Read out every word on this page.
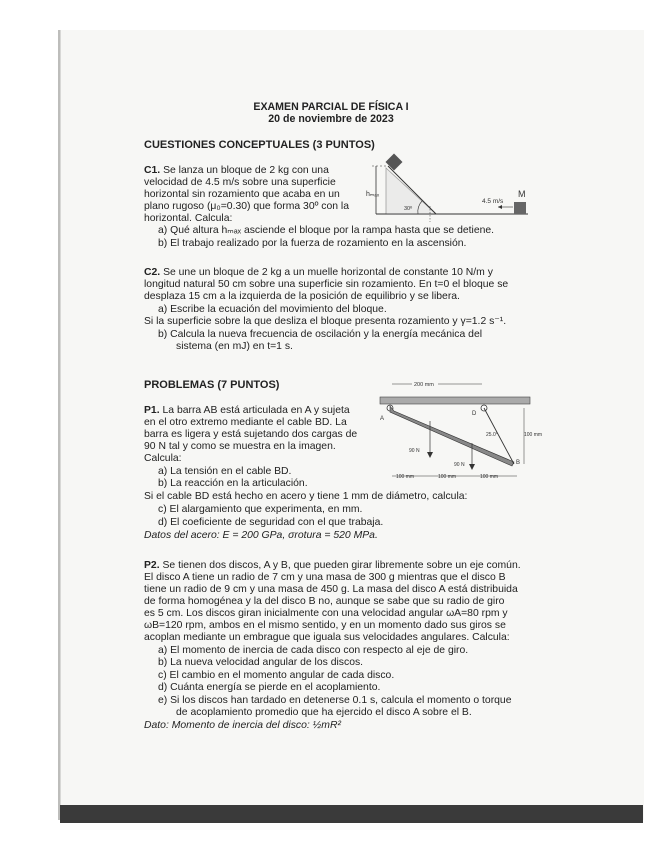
EXAMEN PARCIAL DE FÍSICA I
20 de noviembre de 2023
CUESTIONES CONCEPTUALES (3 PUNTOS)
C1. Se lanza un bloque de 2 kg con una
velocidad de 4.5 m/s sobre una superficie
horizontal sin rozamiento que acaba en un
plano rugoso (μ₀=0.30) que forma 30º con la
horizontal. Calcula:
a) Qué altura hₘₐₓ asciende el bloque por la rampa hasta que se detiene.
b) El trabajo realizado por la fuerza de rozamiento en la ascensión.
hₘₐₓ
30º
M
4.5 m/s
C2. Se une un bloque de 2 kg a un muelle horizontal de constante 10 N/m y
longitud natural 50 cm sobre una superficie sin rozamiento. En t=0 el bloque se
desplaza 15 cm a la izquierda de la posición de equilibrio y se libera.
a) Escribe la ecuación del movimiento del bloque.
Si la superficie sobre la que desliza el bloque presenta rozamiento y γ=1.2 s⁻¹.
b) Calcula la nueva frecuencia de oscilación y la energía mecánica del
sistema (en mJ) en t=1 s.
PROBLEMAS (7 PUNTOS)
P1. La barra AB está articulada en A y sujeta
en el otro extremo mediante el cable BD. La
barra es ligera y está sujetando dos cargas de
90 N tal y como se muestra en la imagen.
Calcula:
a) La tensión en el cable BD.
b) La reacción en la articulación.
Si el cable BD está hecho en acero y tiene 1 mm de diámetro, calcula:
c) El alargamiento que experimenta, en mm.
d) El coeficiente de seguridad con el que trabaja.
Datos del acero: E = 200 GPa, σrotura = 520 MPa.
200 mm
A
D
B
25.0°
90 N
90 N
100 mm
100 mm	100 mm	100 mm
P2. Se tienen dos discos, A y B, que pueden girar libremente sobre un eje común.
El disco A tiene un radio de 7 cm y una masa de 300 g mientras que el disco B
tiene un radio de 9 cm y una masa de 450 g. La masa del disco A está distribuida
de forma homogénea y la del disco B no, aunque se sabe que su radio de giro
es 5 cm. Los discos giran inicialmente con una velocidad angular ωA=80 rpm y
ωB=120 rpm, ambos en el mismo sentido, y en un momento dado sus giros se
acoplan mediante un embrague que iguala sus velocidades angulares. Calcula:
a) El momento de inercia de cada disco con respecto al eje de giro.
b) La nueva velocidad angular de los discos.
c) El cambio en el momento angular de cada disco.
d) Cuánta energía se pierde en el acoplamiento.
e) Si los discos han tardado en detenerse 0.1 s, calcula el momento o torque
de acoplamiento promedio que ha ejercido el disco A sobre el B.
Dato: Momento de inercia del disco: ½mR²
